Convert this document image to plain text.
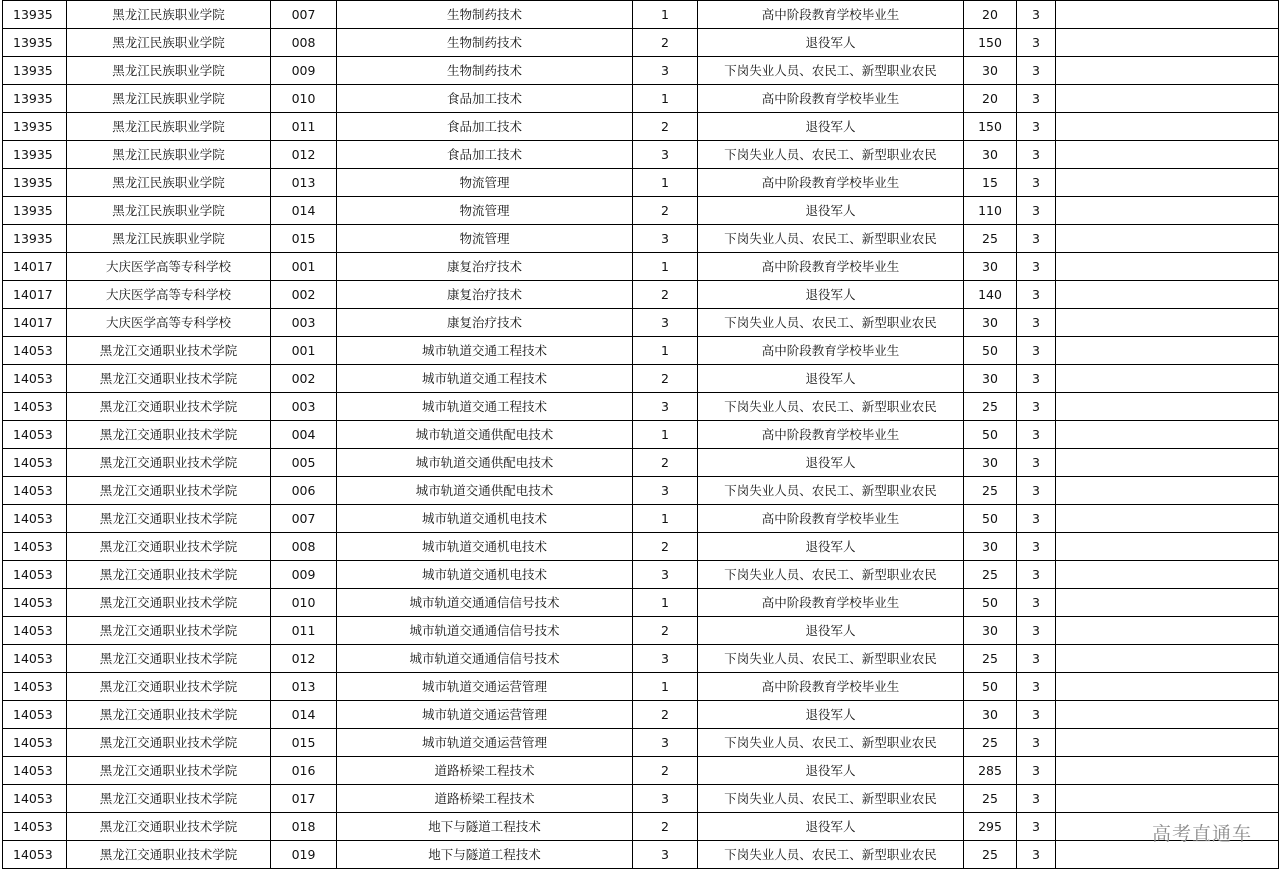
13935	黑龙江民族职业学院	007	生物制药技术	1	高中阶段教育学校毕业生	20	3	
13935	黑龙江民族职业学院	008	生物制药技术	2	退役军人	150	3	
13935	黑龙江民族职业学院	009	生物制药技术	3	下岗失业人员、农民工、新型职业农民	30	3	
13935	黑龙江民族职业学院	010	食品加工技术	1	高中阶段教育学校毕业生	20	3	
13935	黑龙江民族职业学院	011	食品加工技术	2	退役军人	150	3	
13935	黑龙江民族职业学院	012	食品加工技术	3	下岗失业人员、农民工、新型职业农民	30	3	
13935	黑龙江民族职业学院	013	物流管理	1	高中阶段教育学校毕业生	15	3	
13935	黑龙江民族职业学院	014	物流管理	2	退役军人	110	3	
13935	黑龙江民族职业学院	015	物流管理	3	下岗失业人员、农民工、新型职业农民	25	3	
14017	大庆医学高等专科学校	001	康复治疗技术	1	高中阶段教育学校毕业生	30	3	
14017	大庆医学高等专科学校	002	康复治疗技术	2	退役军人	140	3	
14017	大庆医学高等专科学校	003	康复治疗技术	3	下岗失业人员、农民工、新型职业农民	30	3	
14053	黑龙江交通职业技术学院	001	城市轨道交通工程技术	1	高中阶段教育学校毕业生	50	3	
14053	黑龙江交通职业技术学院	002	城市轨道交通工程技术	2	退役军人	30	3	
14053	黑龙江交通职业技术学院	003	城市轨道交通工程技术	3	下岗失业人员、农民工、新型职业农民	25	3	
14053	黑龙江交通职业技术学院	004	城市轨道交通供配电技术	1	高中阶段教育学校毕业生	50	3	
14053	黑龙江交通职业技术学院	005	城市轨道交通供配电技术	2	退役军人	30	3	
14053	黑龙江交通职业技术学院	006	城市轨道交通供配电技术	3	下岗失业人员、农民工、新型职业农民	25	3	
14053	黑龙江交通职业技术学院	007	城市轨道交通机电技术	1	高中阶段教育学校毕业生	50	3	
14053	黑龙江交通职业技术学院	008	城市轨道交通机电技术	2	退役军人	30	3	
14053	黑龙江交通职业技术学院	009	城市轨道交通机电技术	3	下岗失业人员、农民工、新型职业农民	25	3	
14053	黑龙江交通职业技术学院	010	城市轨道交通通信信号技术	1	高中阶段教育学校毕业生	50	3	
14053	黑龙江交通职业技术学院	011	城市轨道交通通信信号技术	2	退役军人	30	3	
14053	黑龙江交通职业技术学院	012	城市轨道交通通信信号技术	3	下岗失业人员、农民工、新型职业农民	25	3	
14053	黑龙江交通职业技术学院	013	城市轨道交通运营管理	1	高中阶段教育学校毕业生	50	3	
14053	黑龙江交通职业技术学院	014	城市轨道交通运营管理	2	退役军人	30	3	
14053	黑龙江交通职业技术学院	015	城市轨道交通运营管理	3	下岗失业人员、农民工、新型职业农民	25	3	
14053	黑龙江交通职业技术学院	016	道路桥梁工程技术	2	退役军人	285	3	
14053	黑龙江交通职业技术学院	017	道路桥梁工程技术	3	下岗失业人员、农民工、新型职业农民	25	3	
14053	黑龙江交通职业技术学院	018	地下与隧道工程技术	2	退役军人	295	3	
14053	黑龙江交通职业技术学院	019	地下与隧道工程技术	3	下岗失业人员、农民工、新型职业农民	25	3	
高考直通车
